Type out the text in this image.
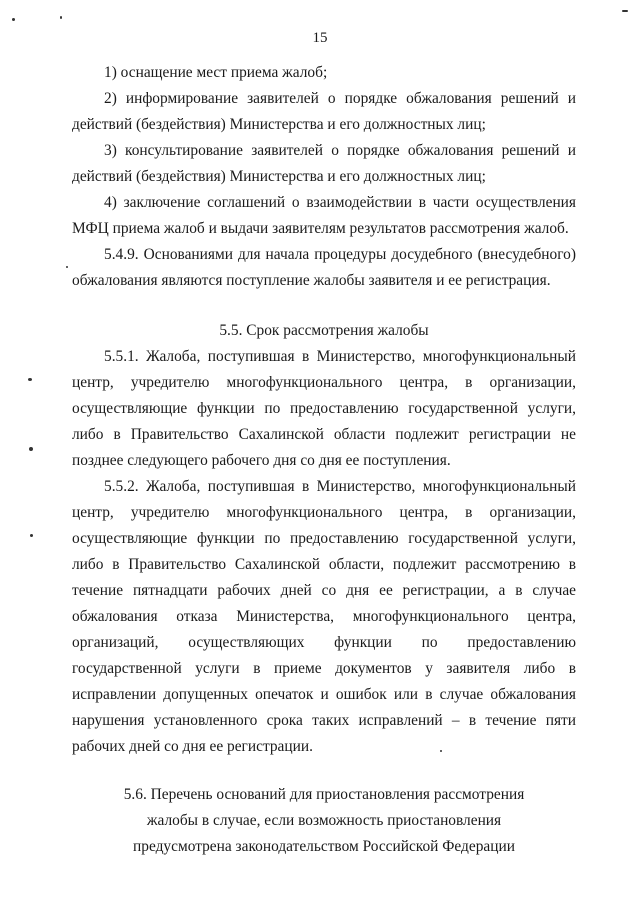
15

1) оснащение мест приема жалоб;

2) информирование заявителей о порядке обжалования решений и действий (бездействия) Министерства и его должностных лиц;

3) консультирование заявителей о порядке обжалования решений и действий (бездействия) Министерства и его должностных лиц;

4) заключение соглашений о взаимодействии в части осуществления МФЦ приема жалоб и выдачи заявителям результатов рассмотрения жалоб.

5.4.9. Основаниями для начала процедуры досудебного (внесудебного) обжалования являются поступление жалобы заявителя и ее регистрация.

5.5. Срок рассмотрения жалобы

5.5.1. Жалоба, поступившая в Министерство, многофункциональный центр, учредителю многофункционального центра, в организации, осуществляющие функции по предоставлению государственной услуги, либо в Правительство Сахалинской области подлежит регистрации не позднее следующего рабочего дня со дня ее поступления.

5.5.2. Жалоба, поступившая в Министерство, многофункциональный центр, учредителю многофункционального центра, в организации, осуществляющие функции по предоставлению государственной услуги, либо в Правительство Сахалинской области, подлежит рассмотрению в течение пятнадцати рабочих дней со дня ее регистрации, а в случае обжалования отказа Министерства, многофункционального центра, организаций, осуществляющих функции по предоставлению государственной услуги в приеме документов у заявителя либо в исправлении допущенных опечаток и ошибок или в случае обжалования нарушения установленного срока таких исправлений – в течение пяти рабочих дней со дня ее регистрации.

5.6. Перечень оснований для приостановления рассмотрения

жалобы в случае, если возможность приостановления

предусмотрена законодательством Российской Федерации
